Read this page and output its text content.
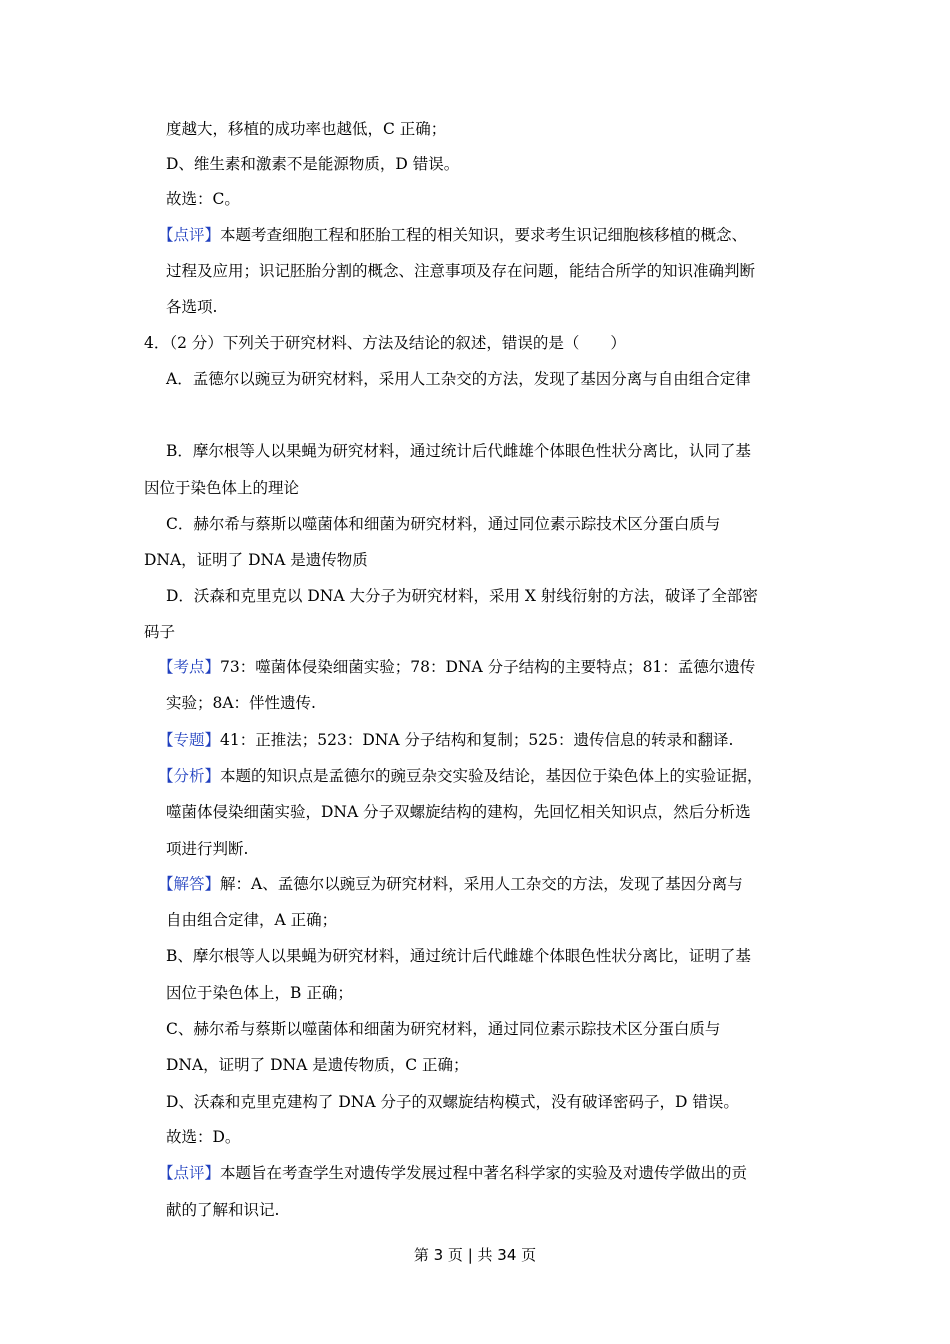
度越大，移植的成功率也越低，C 正确；
D、维生素和激素不是能源物质，D 错误。
故选：C。
【点评】本题考查细胞工程和胚胎工程的相关知识，要求考生识记细胞核移植的概念、
过程及应用；识记胚胎分割的概念、注意事项及存在问题，能结合所学的知识准确判断
各选项.
4．（2 分）下列关于研究材料、方法及结论的叙述，错误的是（　　）
A．孟德尔以豌豆为研究材料，采用人工杂交的方法，发现了基因分离与自由组合定律
B．摩尔根等人以果蝇为研究材料，通过统计后代雌雄个体眼色性状分离比，认同了基
因位于染色体上的理论
C．赫尔希与蔡斯以噬菌体和细菌为研究材料，通过同位素示踪技术区分蛋白质与
DNA，证明了 DNA 是遗传物质
D．沃森和克里克以 DNA 大分子为研究材料，采用 X 射线衍射的方法，破译了全部密
码子
【考点】73：噬菌体侵染细菌实验；78：DNA 分子结构的主要特点；81：孟德尔遗传
实验；8A：伴性遗传.
【专题】41：正推法；523：DNA 分子结构和复制；525：遗传信息的转录和翻译.
【分析】本题的知识点是孟德尔的豌豆杂交实验及结论，基因位于染色体上的实验证据，
噬菌体侵染细菌实验，DNA 分子双螺旋结构的建构，先回忆相关知识点，然后分析选
项进行判断.
【解答】解：A、孟德尔以豌豆为研究材料，采用人工杂交的方法，发现了基因分离与
自由组合定律，A 正确；
B、摩尔根等人以果蝇为研究材料，通过统计后代雌雄个体眼色性状分离比，证明了基
因位于染色体上，B 正确；
C、赫尔希与蔡斯以噬菌体和细菌为研究材料，通过同位素示踪技术区分蛋白质与
DNA，证明了 DNA 是遗传物质，C 正确；
D、沃森和克里克建构了 DNA 分子的双螺旋结构模式，没有破译密码子，D 错误。
故选：D。
【点评】本题旨在考查学生对遗传学发展过程中著名科学家的实验及对遗传学做出的贡
献的了解和识记.
第 3 页 | 共 34 页
